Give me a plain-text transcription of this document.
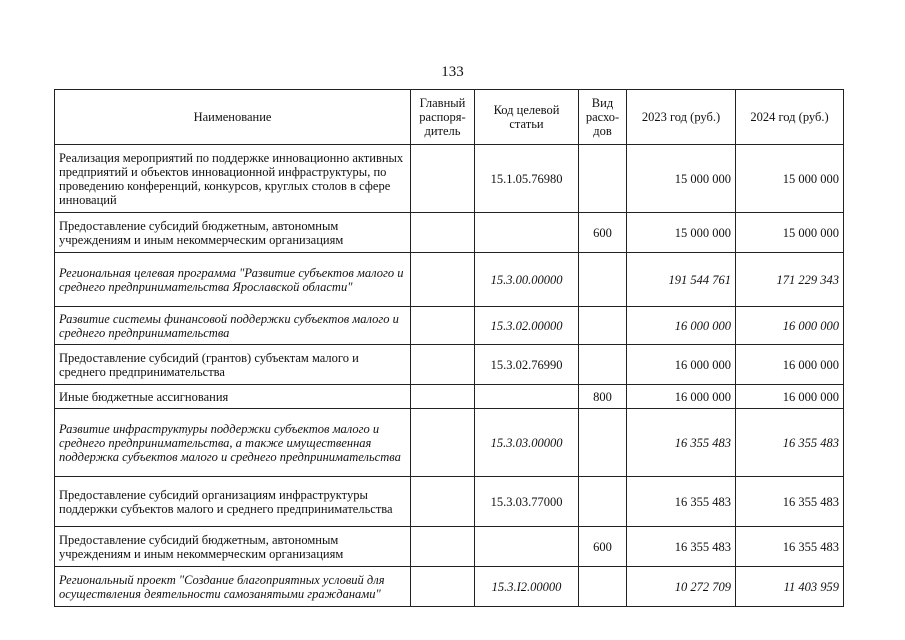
133
Наименование	Главный распоря-дитель	Код целевой статьи	Вид расхо-дов	2023 год (руб.)	2024 год (руб.)
Реализация мероприятий по поддержке инновационно активных предприятий и объектов инновационной инфраструктуры, по проведению конференций, конкурсов, круглых столов в сфере инноваций		15.1.05.76980		15 000 000	15 000 000
Предоставление субсидий бюджетным, автономным учреждениям и иным некоммерческим организациям			600	15 000 000	15 000 000
Региональная целевая программа "Развитие субъектов малого и среднего предпринимательства Ярославской области"		15.3.00.00000		191 544 761	171 229 343
Развитие системы финансовой поддержки субъектов малого и среднего предпринимательства		15.3.02.00000		16 000 000	16 000 000
Предоставление субсидий (грантов) субъектам малого и среднего предпринимательства		15.3.02.76990		16 000 000	16 000 000
Иные бюджетные ассигнования			800	16 000 000	16 000 000
Развитие инфраструктуры поддержки субъектов малого и среднего предпринимательства, а также имущественная поддержка субъектов малого и среднего предпринимательства		15.3.03.00000		16 355 483	16 355 483
Предоставление субсидий организациям инфраструктуры поддержки субъектов малого и среднего предпринимательства		15.3.03.77000		16 355 483	16 355 483
Предоставление субсидий бюджетным, автономным учреждениям и иным некоммерческим организациям			600	16 355 483	16 355 483
Региональный проект "Создание благоприятных условий для осуществления деятельности самозанятыми гражданами"		15.3.I2.00000		10 272 709	11 403 959
